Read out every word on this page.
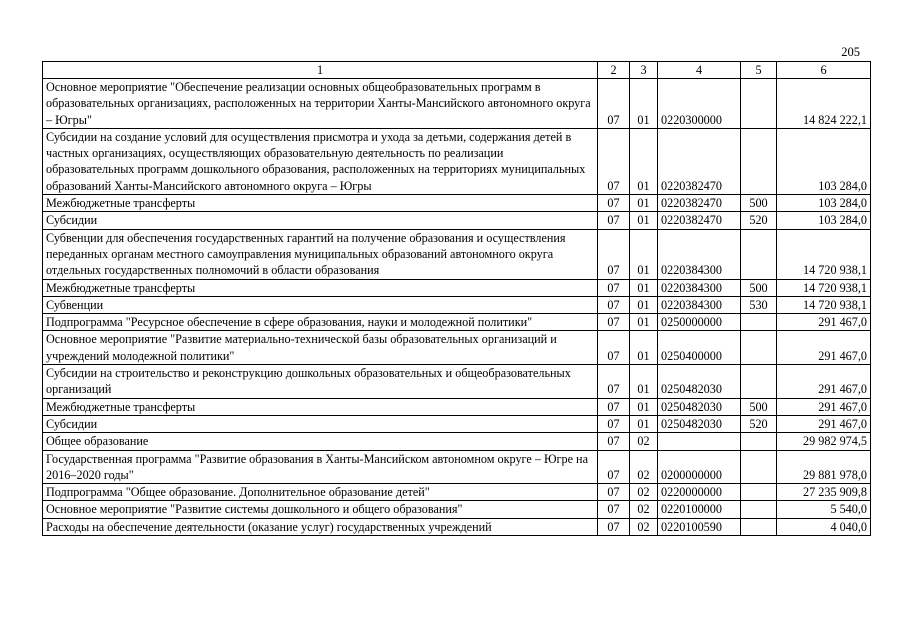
205
1	2	3	4	5	6
Основное мероприятие "Обеспечение реализации основных общеобразовательных программ в образовательных организациях, расположенных на территории Ханты-Мансийского автономного округа – Югры"	07	01	0220300000		14 824 222,1
Субсидии на создание условий для осуществления присмотра и ухода за детьми, содержания детей в частных организациях, осуществляющих образовательную деятельность по реализации образовательных программ дошкольного образования, расположенных на территориях муниципальных образований Ханты-Мансийского автономного округа – Югры	07	01	0220382470		103 284,0
Межбюджетные трансферты	07	01	0220382470	500	103 284,0
Субсидии	07	01	0220382470	520	103 284,0
Субвенции для обеспечения государственных гарантий на получение образования и осуществления переданных органам местного самоуправления муниципальных образований автономного округа отдельных государственных полномочий в области образования	07	01	0220384300		14 720 938,1
Межбюджетные трансферты	07	01	0220384300	500	14 720 938,1
Субвенции	07	01	0220384300	530	14 720 938,1
Подпрограмма "Ресурсное обеспечение в сфере образования, науки и молодежной политики"	07	01	0250000000		291 467,0
Основное мероприятие "Развитие материально-технической базы образовательных организаций и учреждений молодежной политики"	07	01	0250400000		291 467,0
Субсидии на строительство и реконструкцию дошкольных образовательных и общеобразовательных организаций	07	01	0250482030		291 467,0
Межбюджетные трансферты	07	01	0250482030	500	291 467,0
Субсидии	07	01	0250482030	520	291 467,0
Общее образование	07	02			29 982 974,5
Государственная программа "Развитие образования в Ханты-Мансийском автономном округе – Югре на 2016–2020 годы"	07	02	0200000000		29 881 978,0
Подпрограмма "Общее образование. Дополнительное образование детей"	07	02	0220000000		27 235 909,8
Основное мероприятие "Развитие системы дошкольного и общего образования"	07	02	0220100000		5 540,0
Расходы на обеспечение деятельности (оказание услуг) государственных учреждений	07	02	0220100590		4 040,0
